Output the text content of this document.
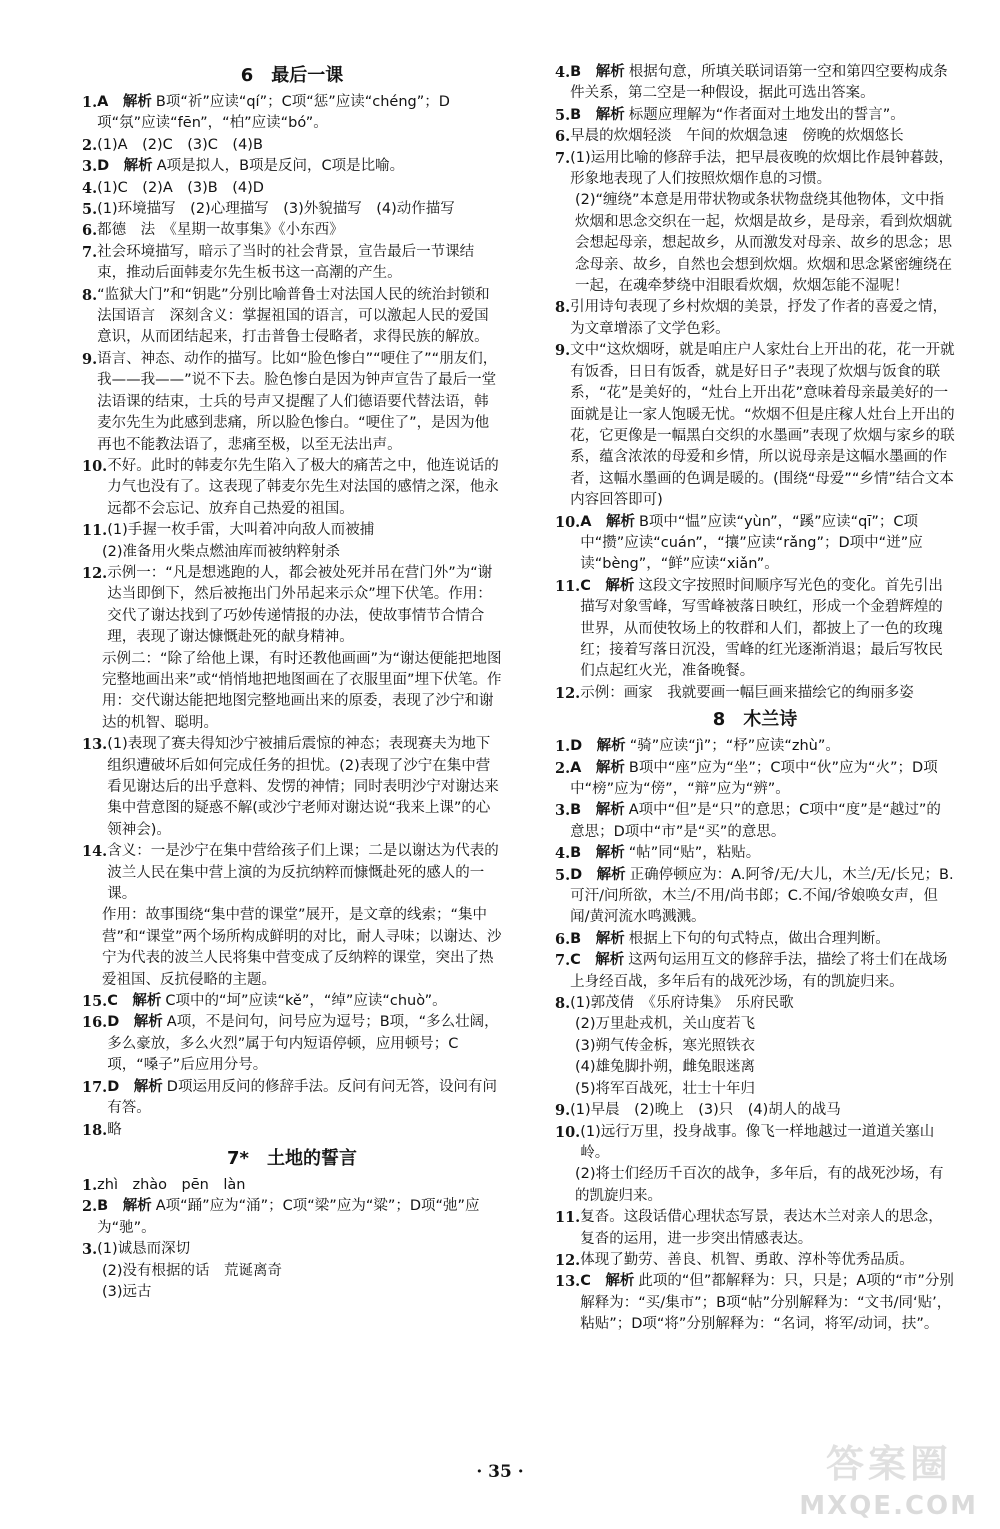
6　最后一课
1. A　解析 B项“祈”应读“qí”；C项“惩”应读“chéng”；D项“氛”应读“fēn”，“柏”应读“bó”。
2. (1)A　(2)C　(3)C　(4)B
3. D　解析 A项是拟人，B项是反问，C项是比喻。
4. (1)C　(2)A　(3)B　(4)D
5. (1)环境描写　(2)心理描写　(3)外貌描写　(4)动作描写
6. 都德　法　《星期一故事集》《小东西》
7. 社会环境描写，暗示了当时的社会背景，宣告最后一节课结束，推动后面韩麦尔先生板书这一高潮的产生。
8. “监狱大门”和“钥匙”分别比喻普鲁士对法国人民的统治封锁和法国语言　深刻含义：掌握祖国的语言，可以激起人民的爱国意识，从而团结起来，打击普鲁士侵略者，求得民族的解放。
9. 语言、神态、动作的描写。比如“脸色惨白”“哽住了”“朋友们，我——我——”说不下去。脸色惨白是因为钟声宣告了最后一堂法语课的结束，士兵的号声又提醒了人们德语要代替法语，韩麦尔先生为此感到悲痛，所以脸色惨白。“哽住了”，是因为他再也不能教法语了，悲痛至极，以至无法出声。
10. 不好。此时的韩麦尔先生陷入了极大的痛苦之中，他连说话的力气也没有了。这表现了韩麦尔先生对法国的感情之深，他永远都不会忘记、放弃自己热爱的祖国。
11. (1)手握一枚手雷，大叫着冲向敌人而被捕
(2)准备用火柴点燃油库而被纳粹射杀
12. 示例一：“凡是想逃跑的人，都会被处死并吊在营门外”为“谢达当即倒下，然后被拖出门外吊起来示众”埋下伏笔。作用：交代了谢达找到了巧妙传递情报的办法，使故事情节合情合理，表现了谢达慷慨赴死的献身精神。
示例二：“除了给他上课，有时还教他画画”为“谢达便能把地图完整地画出来”或“悄悄地把地图画在了衣服里面”埋下伏笔。作用：交代谢达能把地图完整地画出来的原委，表现了沙宁和谢达的机智、聪明。
13. (1)表现了赛夫得知沙宁被捕后震惊的神态；表现赛夫为地下组织遭破坏后如何完成任务的担忧。(2)表现了沙宁在集中营看见谢达后的出乎意料、发愣的神情；同时表明沙宁对谢达来集中营意图的疑惑不解(或沙宁老师对谢达说“我来上课”的心领神会)。
14. 含义：一是沙宁在集中营给孩子们上课；二是以谢达为代表的波兰人民在集中营上演的为反抗纳粹而慷慨赴死的感人的一课。
作用：故事围绕“集中营的课堂”展开，是文章的线索；“集中营”和“课堂”两个场所构成鲜明的对比，耐人寻味；以谢达、沙宁为代表的波兰人民将集中营变成了反纳粹的课堂，突出了热爱祖国、反抗侵略的主题。
15. C　解析 C项中的“坷”应读“kě”，“绰”应读“chuò”。
16. D　解析 A项，不是问句，问号应为逗号；B项，“多么壮阔，多么豪放，多么火烈”属于句内短语停顿，应用顿号；C项，“嗓子”后应用分号。
17. D　解析 D项运用反问的修辞手法。反问有问无答，设问有问有答。
18. 略
7*　土地的誓言
1. zhì　zhào　pēn　làn
2. B　解析 A项“踊”应为“涌”；C项“梁”应为“粱”；D项“弛”应为“驰”。
3. (1)诚恳而深切
(2)没有根据的话　荒诞离奇
(3)远古
4. B　解析 根据句意，所填关联词语第一空和第四空要构成条件关系，第二空是一种假设，据此可选出答案。
5. B　解析 标题应理解为“作者面对土地发出的誓言”。
6. 早晨的炊烟轻淡　午间的炊烟急速　傍晚的炊烟悠长
7. (1)运用比喻的修辞手法，把早晨夜晚的炊烟比作晨钟暮鼓，形象地表现了人们按照炊烟作息的习惯。
(2)“缠绕”本意是用带状物或条状物盘绕其他物体，文中指炊烟和思念交织在一起，炊烟是故乡，是母亲，看到炊烟就会想起母亲，想起故乡，从而激发对母亲、故乡的思念；思念母亲、故乡，自然也会想到炊烟。炊烟和思念紧密缠绕在一起，在魂牵梦绕中泪眼看炊烟，炊烟怎能不湿呢！
8. 引用诗句表现了乡村炊烟的美景，抒发了作者的喜爱之情，为文章增添了文学色彩。
9. 文中“这炊烟呀，就是咱庄户人家灶台上开出的花，花一开就有饭香，日日有饭香，就是好日子”表现了炊烟与饭食的联系，“花”是美好的，“灶台上开出花”意味着母亲最美好的一面就是让一家人饱暖无忧。“炊烟不但是庄稼人灶台上开出的花，它更像是一幅黑白交织的水墨画”表现了炊烟与家乡的联系，蕴含浓浓的母爱和乡情，所以说母亲是这幅水墨画的作者，这幅水墨画的色调是暖的。(围绕“母爱”“乡情”结合文本内容回答即可)
10. A　解析 B项中“愠”应读“yùn”，“蹊”应读“qī”；C项中“攒”应读“cuán”，“攘”应读“rǎng”；D项中“迸”应读“bèng”，“鲜”应读“xiǎn”。
11. C　解析 这段文字按照时间顺序写光色的变化。首先引出描写对象雪峰，写雪峰被落日映红，形成一个金碧辉煌的世界，从而使牧场上的牧群和人们，都披上了一色的玫瑰红；接着写落日沉没，雪峰的红光逐渐消退；最后写牧民们点起红火光，准备晚餐。
12. 示例：画家　我就要画一幅巨画来描绘它的绚丽多姿
8　木兰诗
1. D　解析 “骑”应读“jì”；“杼”应读“zhù”。
2. A　解析 B项中“座”应为“坐”；C项中“伙”应为“火”；D项中“榜”应为“傍”，“辩”应为“辨”。
3. B　解析 A项中“但”是“只”的意思；C项中“度”是“越过”的意思；D项中“市”是“买”的意思。
4. B　解析 “帖”同“贴”，粘贴。
5. D　解析 正确停顿应为：A.阿爷/无/大儿，木兰/无/长兄；B.可汗/问所欲，木兰/不用/尚书郎；C.不闻/爷娘唤女声，但闻/黄河流水鸣溅溅。
6. B　解析 根据上下句的句式特点，做出合理判断。
7. C　解析 这两句运用互文的修辞手法，描绘了将士们在战场上身经百战，多年后有的战死沙场，有的凯旋归来。
8. (1)郭茂倩　《乐府诗集》　乐府民歌
(2)万里赴戎机，关山度若飞
(3)朔气传金柝，寒光照铁衣
(4)雄兔脚扑朔，雌兔眼迷离
(5)将军百战死，壮士十年归
9. (1)早晨　(2)晚上　(3)只　(4)胡人的战马
10. (1)远行万里，投身战事。像飞一样地越过一道道关塞山岭。
(2)将士们经历千百次的战争，多年后，有的战死沙场，有的凯旋归来。
11. 复沓。这段话借心理状态写景，表达木兰对亲人的思念，复沓的运用，进一步突出情感表达。
12. 体现了勤劳、善良、机智、勇敢、淳朴等优秀品质。
13. C　解析 此项的“但”都解释为：只，只是；A项的“市”分别解释为：“买/集市”；B项“帖”分别解释为：“文书/同‘贴’，粘贴”；D项“将”分别解释为：“名词，将军/动词，扶”。
· 35 ·	答案圈
MXQE.COM
